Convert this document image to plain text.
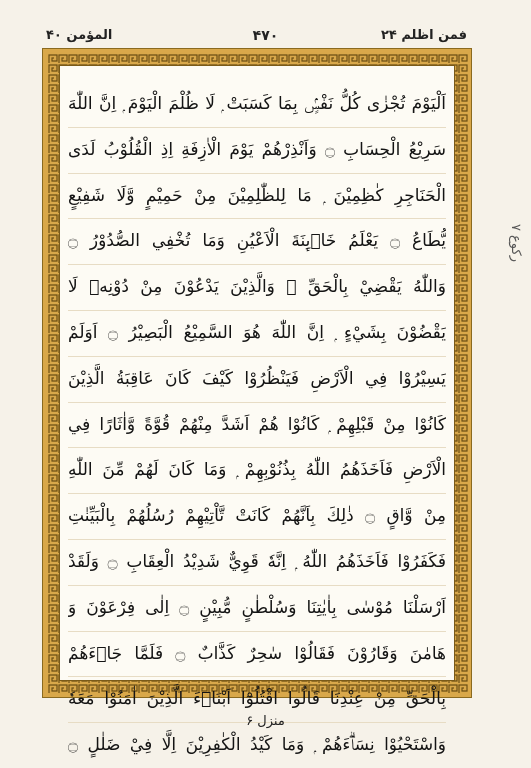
فمن اظلم ۲۴
۴۷۰
المؤمن ۴۰
اَلْيَوْمَ تُجْزٰى كُلُّ نَفْسٍۢ بِمَا كَسَبَتْ ۭ لَا ظُلْمَ الْيَوْمَ ۭ اِنَّ اللّٰهَ
سَرِيْعُ الْحِسَابِ ۝ وَاَنْذِرْهُمْ يَوْمَ الْاٰزِفَةِ اِذِ الْقُلُوْبُ لَدَى
الْحَنَاجِرِ كٰظِمِيْنَ ۭ مَا لِلظّٰلِمِيْنَ مِنْ حَمِيْمٍ وَّلَا شَفِيْعٍ
يُّطَاعُ ۝ يَعْلَمُ خَاۗىِٕنَةَ الْاَعْيُنِ وَمَا تُخْفِي الصُّدُوْرُ ۝
وَاللّٰهُ يَقْضِيْ بِالْحَقِّ ۭ وَالَّذِيْنَ يَدْعُوْنَ مِنْ دُوْنِهٖ لَا
يَقْضُوْنَ بِشَيْءٍ ۭ اِنَّ اللّٰهَ هُوَ السَّمِيْعُ الْبَصِيْرُ ۝ اَوَلَمْ
يَسِيْرُوْا فِي الْاَرْضِ فَيَنْظُرُوْا كَيْفَ كَانَ عَاقِبَةُ الَّذِيْنَ
كَانُوْا مِنْ قَبْلِهِمْ ۭ كَانُوْا هُمْ اَشَدَّ مِنْهُمْ قُوَّةً وَّاٰثَارًا فِي
الْاَرْضِ فَاَخَذَهُمُ اللّٰهُ بِذُنُوْبِهِمْ ۭ وَمَا كَانَ لَهُمْ مِّنَ اللّٰهِ
مِنْ وَّاقٍ ۝ ذٰلِكَ بِاَنَّهُمْ كَانَتْ تَّاْتِيْهِمْ رُسُلُهُمْ بِالْبَيِّنٰتِ
فَكَفَرُوْا فَاَخَذَهُمُ اللّٰهُ ۭ اِنَّهٗ قَوِيٌّ شَدِيْدُ الْعِقَابِ ۝ وَلَقَدْ
اَرْسَلْنَا مُوْسٰى بِاٰيٰتِنَا وَسُلْطٰنٍ مُّبِيْنٍ ۝ اِلٰى فِرْعَوْنَ وَ
هَامٰنَ وَقَارُوْنَ فَقَالُوْا سٰحِرٌ كَذَّابٌ ۝ فَلَمَّا جَاۗءَهُمْ
بِالْحَقِّ مِنْ عِنْدِنَا قَالُوا اقْتُلُوْٓا اَبْنَاۗءَ الَّذِيْنَ اٰمَنُوْا مَعَهٗ
وَاسْتَحْيُوْا نِسَاۗءَهُمْ ۭ وَمَا كَيْدُ الْكٰفِرِيْنَ اِلَّا فِيْ ضَلٰلٍ ۝
رکوع ۷
منزل ۶
